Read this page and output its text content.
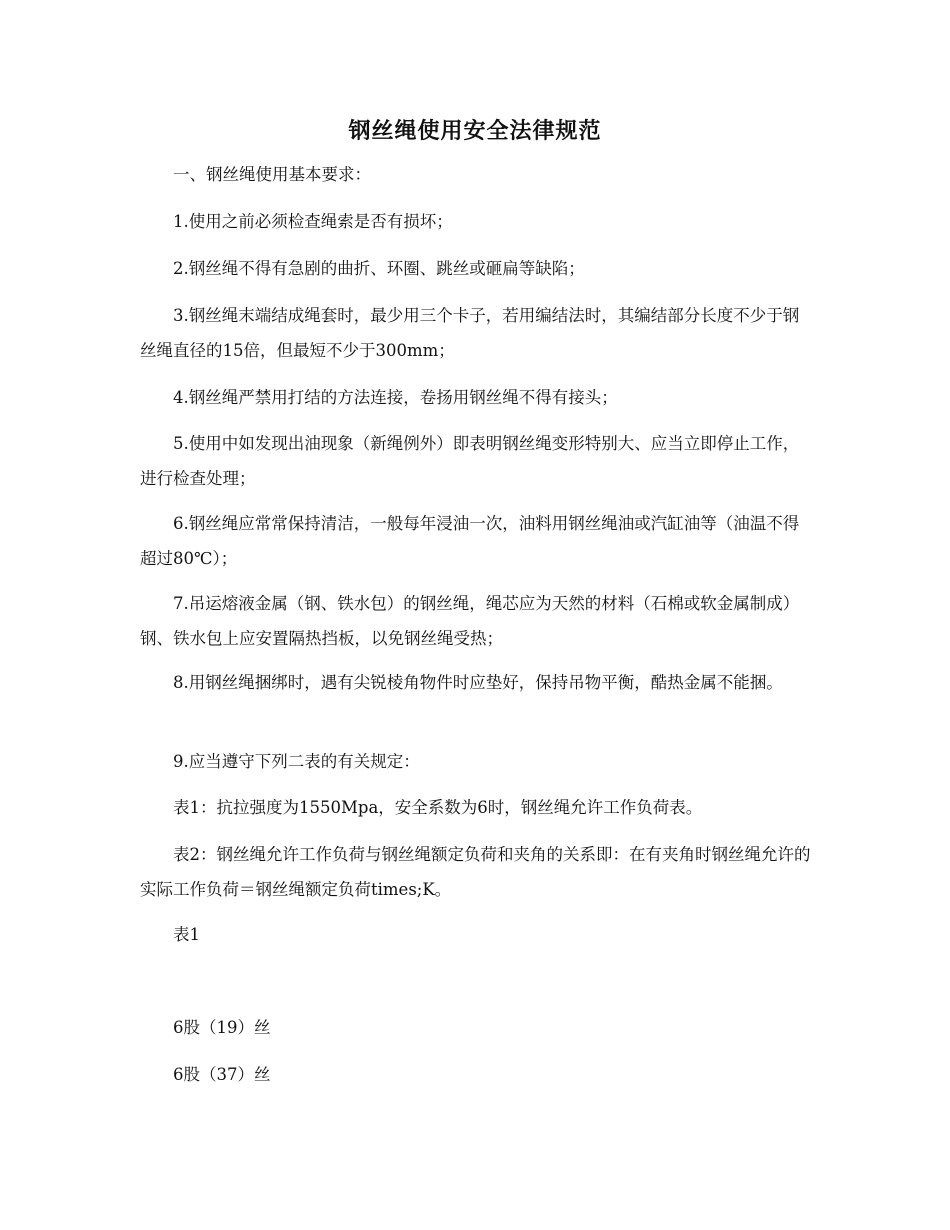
钢丝绳使用安全法律规范

一、钢丝绳使用基本要求：

1.使用之前必须检查绳索是否有损坏；

2.钢丝绳不得有急剧的曲折、环圈、跳丝或砸扁等缺陷；

3.钢丝绳末端结成绳套时，最少用三个卡子，若用编结法时，其编结部分长度不少于钢丝绳直径的15倍，但最短不少于300mm；

4.钢丝绳严禁用打结的方法连接，卷扬用钢丝绳不得有接头；

5.使用中如发现出油现象（新绳例外）即表明钢丝绳变形特别大、应当立即停止工作，进行检查处理；

6.钢丝绳应常常保持清洁，一般每年浸油一次，油料用钢丝绳油或汽缸油等（油温不得超过80℃）；

7.吊运熔液金属（钢、铁水包）的钢丝绳，绳芯应为天然的材料（石棉或软金属制成）钢、铁水包上应安置隔热挡板，以免钢丝绳受热；

8.用钢丝绳捆绑时，遇有尖锐棱角物件时应垫好，保持吊物平衡，酷热金属不能捆。

9.应当遵守下列二表的有关规定：

表1：抗拉强度为1550Mpa，安全系数为6时，钢丝绳允许工作负荷表。

表2：钢丝绳允许工作负荷与钢丝绳额定负荷和夹角的关系即：在有夹角时钢丝绳允许的实际工作负荷＝钢丝绳额定负荷times;K。

表1

6股（19）丝

6股（37）丝
